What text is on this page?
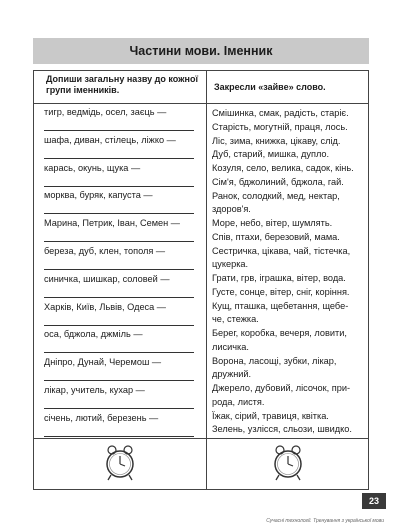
Частини мови. Іменник
Допиши загальну назву до кожної групи іменників.	Закресли «зайве» слово.
тигр, ведмідь, осел, заєць —
шафа, диван, стілець, ліжко —
карась, окунь, щука —
морква, буряк, капуста —
Марина, Петрик, Іван, Семен —
береза, дуб, клен, тополя —
синичка, шишкар, соловей —
Харків, Київ, Львів, Одеса —
оса, бджола, джміль —
Дніпро, Дунай, Черемош —
лікар, учитель, кухар —
січень, лютий, березень —
Смішинка, смак, радість, старіє.
Старість, могутній, праця, лось.
Ліс, зима, книжка, цікаву, слід.
Дуб, старий, мишка, дупло.
Козуля, село, велика, садок, кінь.
Сім'я, бджолиний, бджола, гай.
Ранок, солодкий, мед, нектар,
здоров'я.
Море, небо, вітер, шумлять.
Спів, птахи, березовий, мама.
Сестричка, цікава, чай, тістечка,
цукерка.
Грати, грв, іграшка, вітер, вода.
Густе, сонце, вітер, сніг, коріння.
Кущ, пташка, щебетання, щебе-
че, стежка.
Берег, коробка, вечеря, ловити,
лисичка.
Ворона, ласощі, зубки, лікар,
дружний.
Джерело, дубовий, лісочок, при-
рода, листя.
Їжак, сірий, травиця, квітка.
Зелень, узлісся, сльози, швидко.
23
Сучасні технології. Тренування з української мови
